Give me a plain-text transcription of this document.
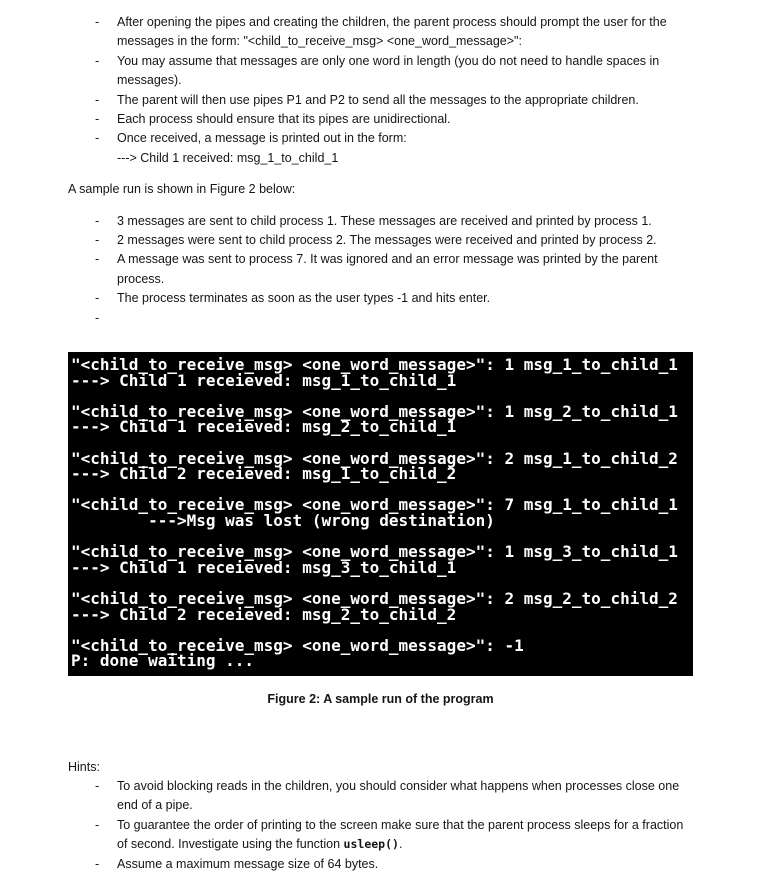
-	After opening the pipes and creating the children, the parent process should prompt the user for the messages in the form: "<child_to_receive_msg> <one_word_message>":
-	You may assume that messages are only one word in length (you do not need to handle spaces in messages).
-	The parent will then use pipes P1 and P2 to send all the messages to the appropriate children.
-	Each process should ensure that its pipes are unidirectional.
-	Once received, a message is printed out in the form:
---> Child 1 received: msg_1_to_child_1

A sample run is shown in Figure 2 below:

-	3 messages are sent to child process 1. These messages are received and printed by process 1.
-	2 messages were sent to child process 2. The messages were received and printed by process 2.
-	A message was sent to process 7. It was ignored and an error message was printed by the parent process.
-	The process terminates as soon as the user types -1 and hits enter.
-
"<child_to_receive_msg> <one_word_message>": 1 msg_1_to_child_1
---> Child 1 receieved: msg_1_to_child_1
"<child_to_receive_msg> <one_word_message>": 1 msg_2_to_child_1
---> Child 1 receieved: msg_2_to_child_1
"<child_to_receive_msg> <one_word_message>": 2 msg_1_to_child_2
---> Child 2 receieved: msg_1_to_child_2
"<child_to_receive_msg> <one_word_message>": 7 msg_1_to_child_1
--->Msg was lost (wrong destination)
"<child_to_receive_msg> <one_word_message>": 1 msg_3_to_child_1
---> Child 1 receieved: msg_3_to_child_1
"<child_to_receive_msg> <one_word_message>": 2 msg_2_to_child_2
---> Child 2 receieved: msg_2_to_child_2
"<child_to_receive_msg> <one_word_message>": -1
P: done waiting ...
Figure 2: A sample run of the program
Hints:
-	To avoid blocking reads in the children, you should consider what happens when processes close one end of a pipe.
-	To guarantee the order of printing to the screen make sure that the parent process sleeps for a fraction of second. Investigate using the function usleep().
-	Assume a maximum message size of 64 bytes.
